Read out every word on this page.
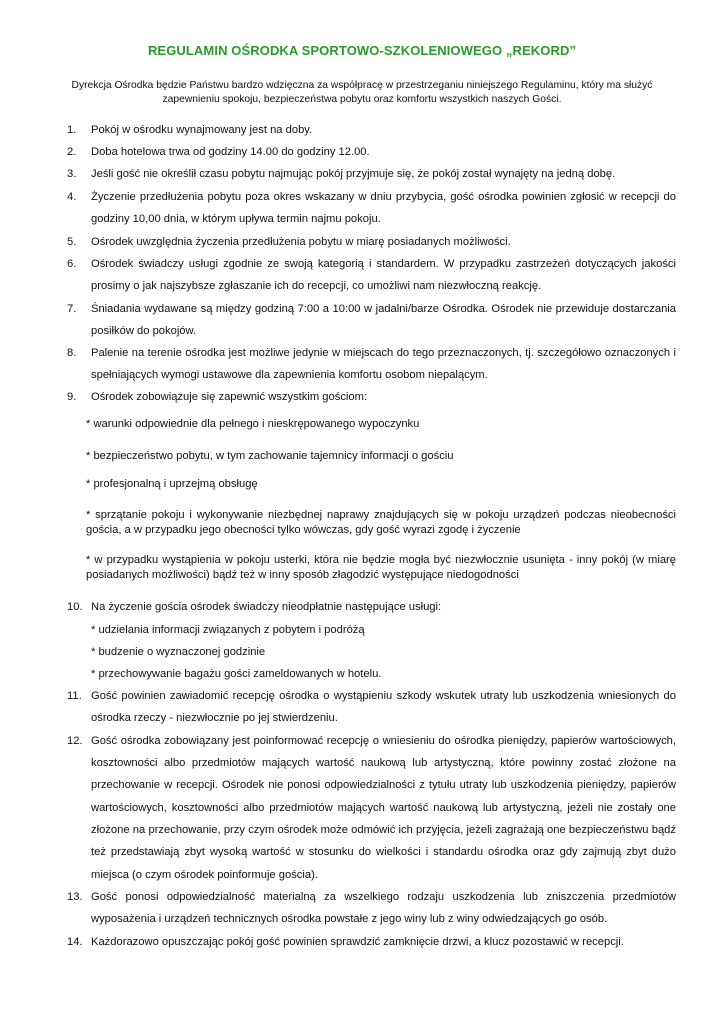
REGULAMIN OŚRODKA SPORTOWO-SZKOLENIOWEGO „REKORD”
Dyrekcja Ośrodka będzie Państwu bardzo wdzięczna za współpracę w przestrzeganiu niniejszego Regulaminu, który ma służyć zapewnieniu spokoju, bezpieczeństwa pobytu oraz komfortu wszystkich naszych Gości.
1. Pokój w ośrodku wynajmowany jest na doby.
2. Doba hotelowa trwa od godziny 14.00 do godziny 12.00.
3. Jeśli gość nie określił czasu pobytu najmując pokój przyjmuje się, że pokój został wynajęty na jedną dobę.
4. Życzenie przedłużenia pobytu poza okres wskazany w dniu przybycia, gość ośrodka powinien zgłosić w recepcji do
godziny 10,00 dnia, w którym upływa termin najmu pokoju.
5. Ośrodek uwzględnia życzenia przedłużenia pobytu w miarę posiadanych możliwości.
6. Ośrodek świadczy usługi zgodnie ze swoją kategorią i standardem. W przypadku zastrzeżeń dotyczących jakości
prosimy o jak najszybsze zgłaszanie ich do recepcji, co umożliwi nam niezwłoczną reakcję.
7. Śniadania wydawane są między godziną 7:00 a 10:00 w jadalni/barze Ośrodka. Ośrodek nie przewiduje dostarczania
posiłków do pokojów.
8. Palenie na terenie ośrodka jest możliwe jedynie w miejscach do tego przeznaczonych, tj. szczegółowo oznaczonych i
spełniających wymogi ustawowe dla zapewnienia komfortu osobom niepalącym.
9. Ośrodek zobowiązuje się zapewnić wszystkim gościom:
* warunki odpowiednie dla pełnego i nieskrępowanego wypoczynku
* bezpieczeństwo pobytu, w tym zachowanie tajemnicy informacji o gościu
* profesjonalną i uprzejmą obsługę
* sprzątanie pokoju i wykonywanie niezbędnej naprawy znajdujących się w pokoju urządzeń podczas nieobecności
gościa, a w przypadku jego obecności tylko wówczas, gdy gość wyrazi zgodę i życzenie
* w przypadku wystąpienia w pokoju usterki, która nie będzie mogła być niezwłocznie usunięta - inny pokój (w miarę
posiadanych możliwości) bądź też w inny sposób złagodzić występujące niedogodności
10. Na życzenie gościa ośrodek świadczy nieodpłatnie następujące usługi:
* udzielania informacji związanych z pobytem i podróżą
* budzenie o wyznaczonej godzinie
* przechowywanie bagażu gości zameldowanych w hotelu.
11. Gość powinien zawiadomić recepcję ośrodka o wystąpieniu szkody wskutek utraty lub uszkodzenia wniesionych do
ośrodka rzeczy - niezwłocznie po jej stwierdzeniu.
12. Gość ośrodka zobowiązany jest poinformować recepcję o wniesieniu do ośrodka pieniędzy, papierów wartościowych,
kosztowności albo przedmiotów mających wartość naukową lub artystyczną, które powinny zostać złożone na
przechowanie w recepcji. Ośrodek nie ponosi odpowiedzialności z tytułu utraty lub uszkodzenia pieniędzy, papierów
wartościowych, kosztowności albo przedmiotów mających wartość naukową lub artystyczną, jeżeli nie zostały one
złożone na przechowanie, przy czym ośrodek może odmówić ich przyjęcia, jeżeli zagrażają one bezpieczeństwu bądź
też przedstawiają zbyt wysoką wartość w stosunku do wielkości i standardu ośrodka oraz gdy zajmują zbyt dużo
miejsca (o czym ośrodek poinformuje gościa).
13. Gość ponosi odpowiedzialność materialną za wszelkiego rodzaju uszkodzenia lub zniszczenia przedmiotów
wyposażenia i urządzeń technicznych ośrodka powstałe z jego winy lub z winy odwiedzających go osób.
14. Każdorazowo opuszczając pokój gość powinien sprawdzić zamknięcie drzwi, a klucz pozostawić w recepcji.
